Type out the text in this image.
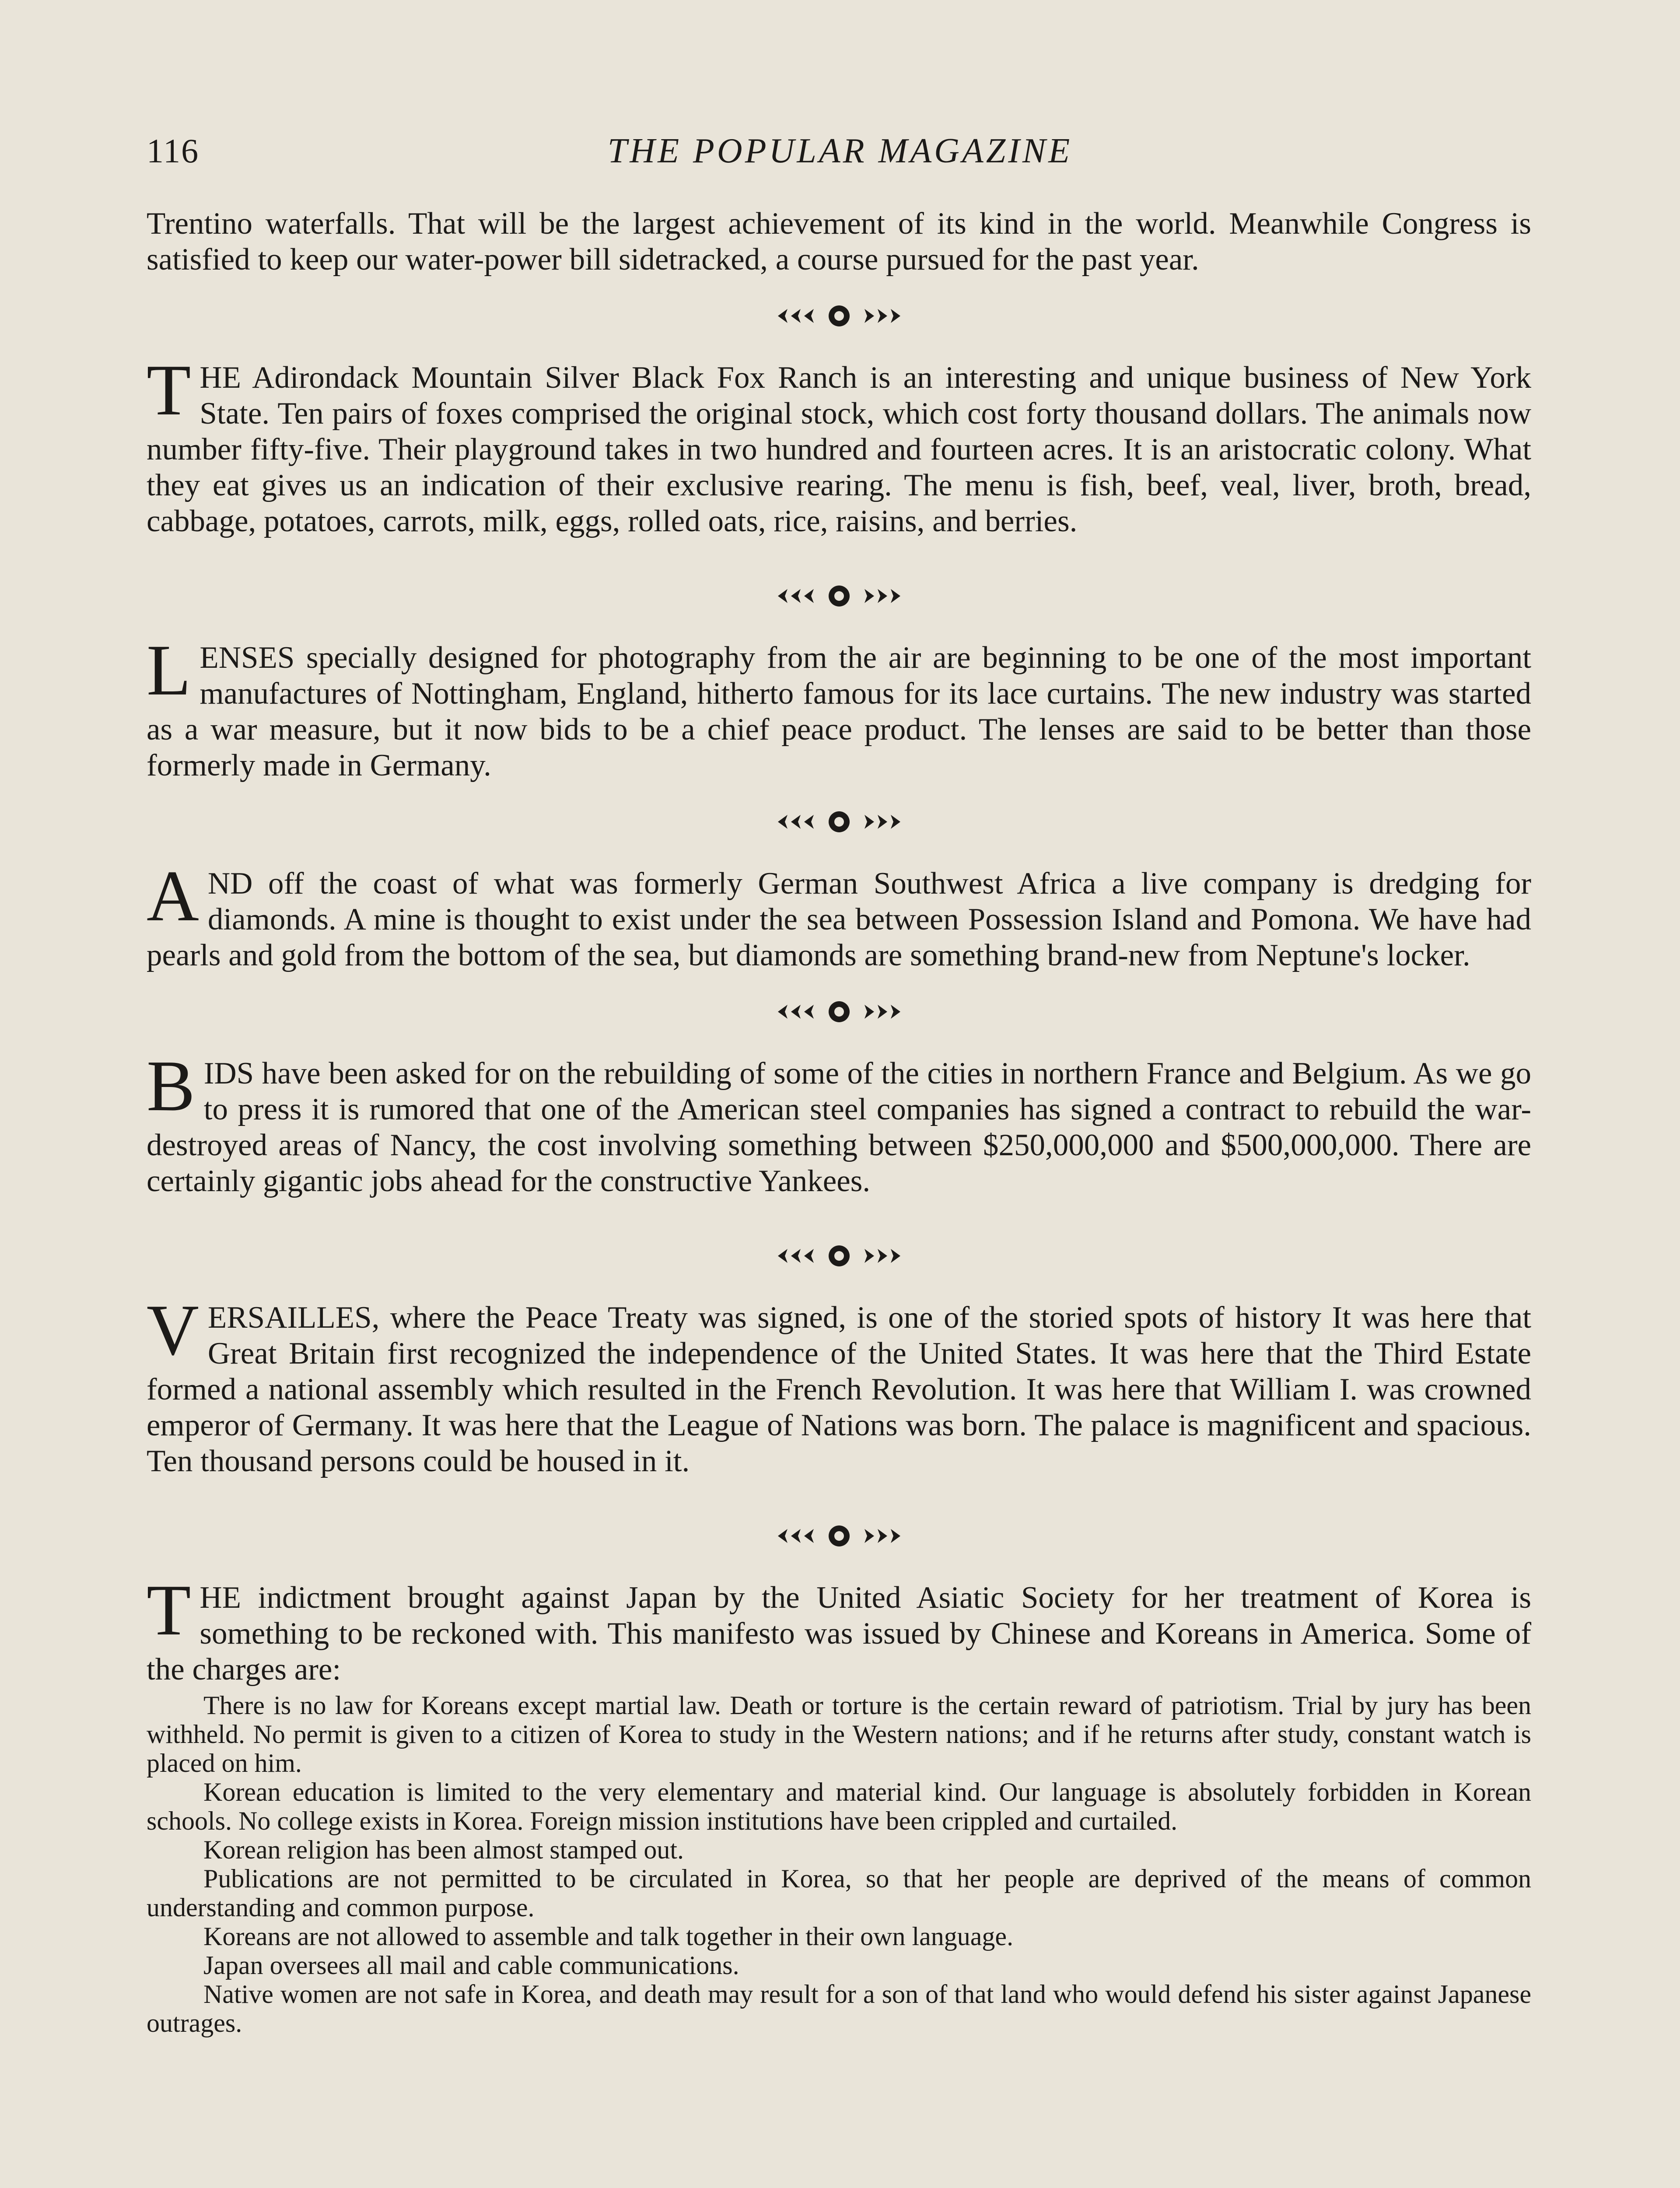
116	THE POPULAR MAGAZINE

Trentino waterfalls. That will be the largest achievement of its kind in the world. Meanwhile Congress is satisfied to keep our water-power bill sidetracked, a course pursued for the past year.

T HE Adirondack Mountain Silver Black Fox Ranch is an interesting and unique business of New York State. Ten pairs of foxes comprised the original stock, which cost forty thousand dollars. The animals now number fifty-five. Their playground takes in two hundred and fourteen acres. It is an aristocratic colony. What they eat gives us an indication of their exclusive rearing. The menu is fish, beef, veal, liver, broth, bread, cabbage, potatoes, carrots, milk, eggs, rolled oats, rice, raisins, and berries.

L ENSES specially designed for photography from the air are beginning to be one of the most important manufactures of Nottingham, England, hitherto famous for its lace curtains. The new industry was started as a war measure, but it now bids to be a chief peace product. The lenses are said to be better than those formerly made in Germany.

A ND off the coast of what was formerly German Southwest Africa a live company is dredging for diamonds. A mine is thought to exist under the sea between Possession Island and Pomona. We have had pearls and gold from the bottom of the sea, but diamonds are something brand-new from Neptune's locker.

B IDS have been asked for on the rebuilding of some of the cities in northern France and Belgium. As we go to press it is rumored that one of the American steel companies has signed a contract to rebuild the war-destroyed areas of Nancy, the cost involving something between $250,000,000 and $500,000,000. There are certainly gigantic jobs ahead for the constructive Yankees.

V ERSAILLES, where the Peace Treaty was signed, is one of the storied spots of history It was here that Great Britain first recognized the independence of the United States. It was here that the Third Estate formed a national assembly which resulted in the French Revolution. It was here that William I. was crowned emperor of Germany. It was here that the League of Nations was born. The palace is magnificent and spacious. Ten thousand persons could be housed in it.

T HE indictment brought against Japan by the United Asiatic Society for her treatment of Korea is something to be reckoned with. This manifesto was issued by Chinese and Koreans in America. Some of the charges are:

There is no law for Koreans except martial law. Death or torture is the certain reward of patriotism. Trial by jury has been withheld. No permit is given to a citizen of Korea to study in the Western nations; and if he returns after study, constant watch is placed on him.

Korean education is limited to the very elementary and material kind. Our language is absolutely forbidden in Korean schools. No college exists in Korea. Foreign mission institutions have been crippled and curtailed.

Korean religion has been almost stamped out.

Publications are not permitted to be circulated in Korea, so that her people are deprived of the means of common understanding and common purpose.

Koreans are not allowed to assemble and talk together in their own language.

Japan oversees all mail and cable communications.

Native women are not safe in Korea, and death may result for a son of that land who would defend his sister against Japanese outrages.
